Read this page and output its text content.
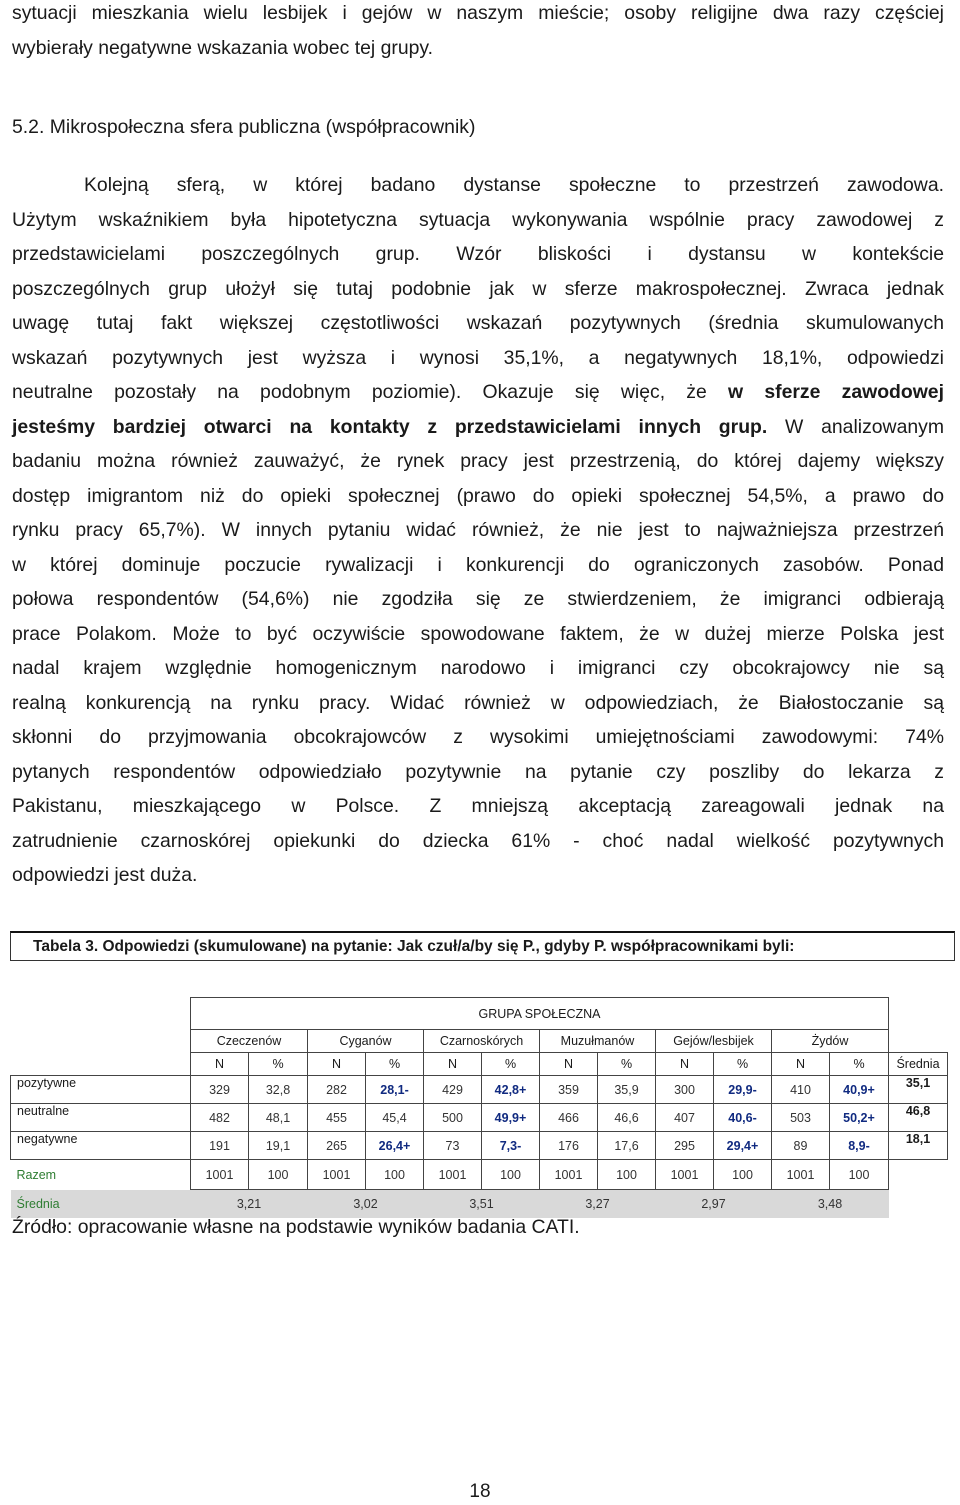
sytuacji mieszkania wielu lesbijek i gejów w naszym mieście; osoby religijne dwa razy częściej
wybierały negatywne wskazania wobec tej grupy.

5.2. Mikrospołeczna sfera publiczna (współpracownik)

Kolejną sferą, w której badano dystanse społeczne to przestrzeń zawodowa.
Użytym wskaźnikiem była hipotetyczna sytuacja wykonywania wspólnie pracy zawodowej z
przedstawicielami poszczególnych grup. Wzór bliskości i dystansu w kontekście
poszczególnych grup ułożył się tutaj podobnie jak w sferze makrospołecznej. Zwraca jednak
uwagę tutaj fakt większej częstotliwości wskazań pozytywnych (średnia skumulowanych
wskazań pozytywnych jest wyższa i wynosi 35,1%, a negatywnych 18,1%, odpowiedzi
neutralne pozostały na podobnym poziomie). Okazuje się więc, że w sferze zawodowej
jesteśmy bardziej otwarci na kontakty z przedstawicielami innych grup. W analizowanym
badaniu można również zauważyć, że rynek pracy jest przestrzenią, do której dajemy większy
dostęp imigrantom niż do opieki społecznej (prawo do opieki społecznej 54,5%, a prawo do
rynku pracy 65,7%). W innych pytaniu widać również, że nie jest to najważniejsza przestrzeń
w której dominuje poczucie rywalizacji i konkurencji do ograniczonych zasobów. Ponad
połowa respondentów (54,6%) nie zgodziła się ze stwierdzeniem, że imigranci odbierają
prace Polakom. Może to być oczywiście spowodowane faktem, że w dużej mierze Polska jest
nadal krajem względnie homogenicznym narodowo i imigranci czy obcokrajowcy nie są
realną konkurencją na rynku pracy. Widać również w odpowiedziach, że Białostoczanie są
skłonni do przyjmowania obcokrajowców z wysokimi umiejętnościami zawodowymi: 74%
pytanych respondentów odpowiedziało pozytywnie na pytanie czy poszliby do lekarza z
Pakistanu, mieszkającego w Polsce. Z mniejszą akceptacją zareagowali jednak na
zatrudnienie czarnoskórej opiekunki do dziecka 61% - choć nadal wielkość pozytywnych
odpowiedzi jest duża.
Tabela 3. Odpowiedzi (skumulowane) na pytanie: Jak czuł/a/by się P., gdyby P. współpracownikami byli:
	GRUPA SPOŁECZNA												
	Czeczenów		Cyganów		Czarnoskórych		Muzułmanów		Gejów/lesbijek		Żydów		
	N	%	N	%	N	%	N	%	N	%	N	%	Średnia
pozytywne	329	32,8	282	28,1-	429	42,8+	359	35,9	300	29,9-	410	40,9+	35,1
neutralne	482	48,1	455	45,4	500	49,9+	466	46,6	407	40,6-	503	50,2+	46,8
negatywne	191	19,1	265	26,4+	73	7,3-	176	17,6	295	29,4+	89	8,9-	18,1
Razem	1001	100	1001	100	1001	100	1001	100	1001	100	1001	100	
Średnia	3,21		3,02		3,51		3,27		2,97		3,48		
Źródło: opracowanie własne na podstawie wyników badania CATI.
18
